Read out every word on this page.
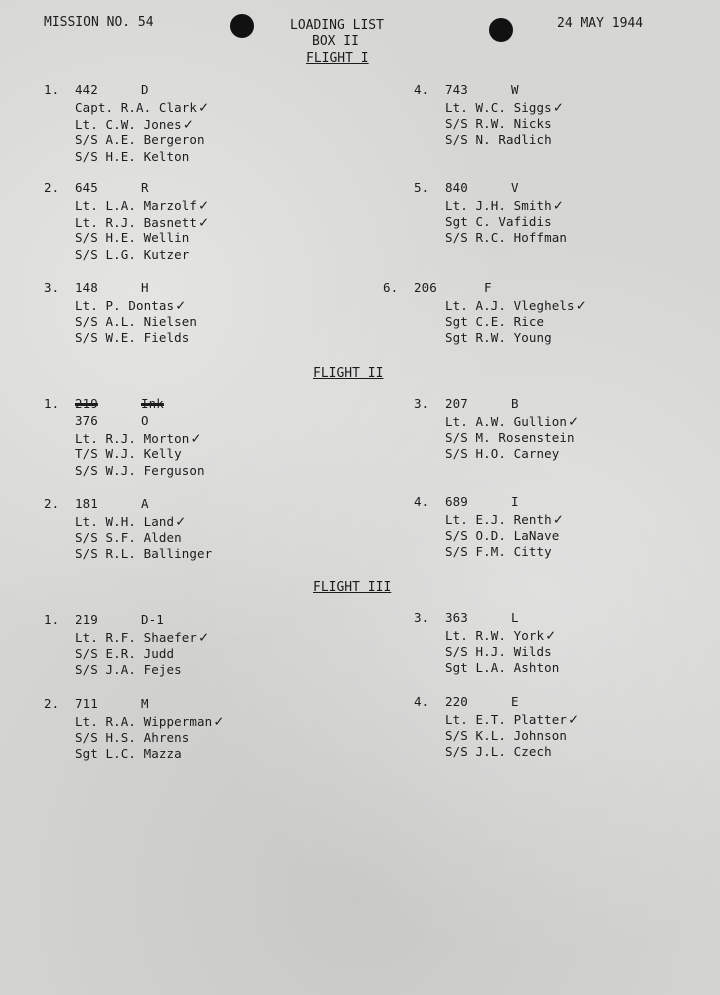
MISSION NO. 54	LOADING LIST
BOX II
24 MAY 1944
FLIGHT I
1. 442	D
Capt. R.A. Clark ✓
Lt. C.W. Jones ✓
S/S A.E. Bergeron
S/S H.E. Kelton
2. 645	R
Lt. L.A. Marzolf ✓
Lt. R.J. Basnett ✓
S/S H.E. Wellin
S/S L.G. Kutzer
3. 148	H
Lt. P. Dontas ✓
S/S A.L. Nielsen
S/S W.E. Fields
4. 743	W
Lt. W.C. Siggs ✓
S/S R.W. Nicks
S/S N. Radlich
5. 840	V
Lt. J.H. Smith ✓
Sgt C. Vafidis
S/S R.C. Hoffman
6. 206	F
Lt. A.J. Vleghels ✓
Sgt C.E. Rice
Sgt R.W. Young
FLIGHT II
1. 219	Ink
376	O
Lt. R.J. Morton ✓
T/S W.J. Kelly
S/S W.J. Ferguson
2. 181	A
Lt. W.H. Land ✓
S/S S.F. Alden
S/S R.L. Ballinger
3. 207	B
Lt. A.W. Gullion ✓
S/S M. Rosenstein
S/S H.O. Carney
4. 689	I
Lt. E.J. Renth ✓
S/S O.D. LaNave
S/S F.M. Citty
FLIGHT III
1. 219	D-1
Lt. R.F. Shaefer ✓
S/S E.R. Judd
S/S J.A. Fejes
2. 711	M
Lt. R.A. Wipperman ✓
S/S H.S. Ahrens
Sgt L.C. Mazza
3. 363	L
Lt. R.W. York ✓
S/S H.J. Wilds
Sgt L.A. Ashton
4. 220	E
Lt. E.T. Platter ✓
S/S K.L. Johnson
S/S J.L. Czech
